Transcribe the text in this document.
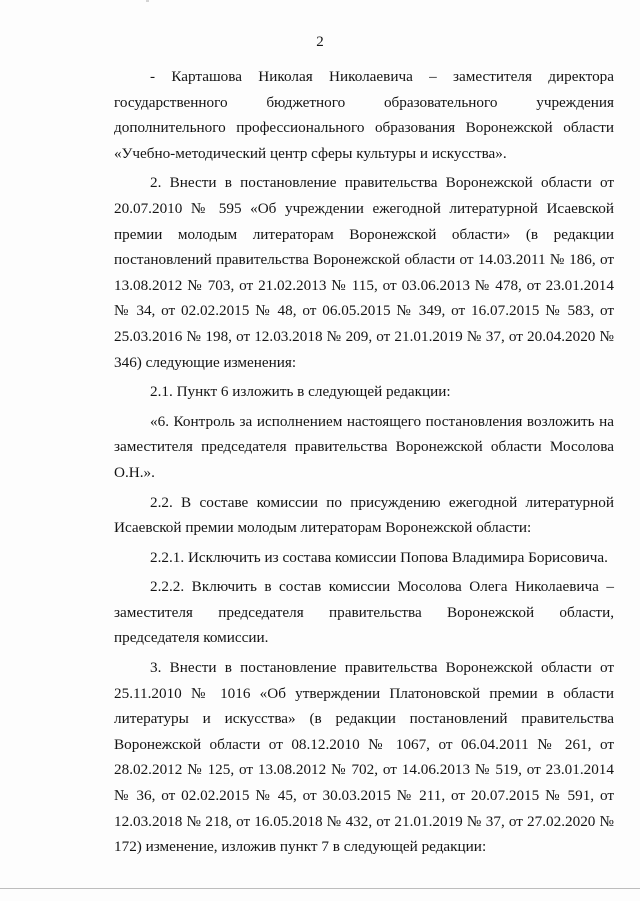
2

- Карташова Николая Николаевича – заместителя директора государственного бюджетного образовательного учреждения дополнительного профессионального образования Воронежской области «Учебно-методический центр сферы культуры и искусства».

2. Внести в постановление правительства Воронежской области от 20.07.2010 № 595 «Об учреждении ежегодной литературной Исаевской премии молодым литераторам Воронежской области» (в редакции постановлений правительства Воронежской области от 14.03.2011 № 186, от 13.08.2012 № 703, от 21.02.2013 № 115, от 03.06.2013 № 478, от 23.01.2014 № 34, от 02.02.2015 № 48, от 06.05.2015 № 349, от 16.07.2015 № 583, от 25.03.2016 № 198, от 12.03.2018 № 209, от 21.01.2019 № 37, от 20.04.2020 № 346) следующие изменения:

2.1. Пункт 6 изложить в следующей редакции:

«6. Контроль за исполнением настоящего постановления возложить на заместителя председателя правительства Воронежской области Мосолова О.Н.».

2.2. В составе комиссии по присуждению ежегодной литературной Исаевской премии молодым литераторам Воронежской области:

2.2.1. Исключить из состава комиссии Попова Владимира Борисовича.

2.2.2. Включить в состав комиссии Мосолова Олега Николаевича – заместителя председателя правительства Воронежской области, председателя комиссии.

3. Внести в постановление правительства Воронежской области от 25.11.2010 № 1016 «Об утверждении Платоновской премии в области литературы и искусства» (в редакции постановлений правительства Воронежской области от 08.12.2010 № 1067, от 06.04.2011 № 261, от 28.02.2012 № 125, от 13.08.2012 № 702, от 14.06.2013 № 519, от 23.01.2014 № 36, от 02.02.2015 № 45, от 30.03.2015 № 211, от 20.07.2015 № 591, от 12.03.2018 № 218, от 16.05.2018 № 432, от 21.01.2019 № 37, от 27.02.2020 № 172) изменение, изложив пункт 7 в следующей редакции:
